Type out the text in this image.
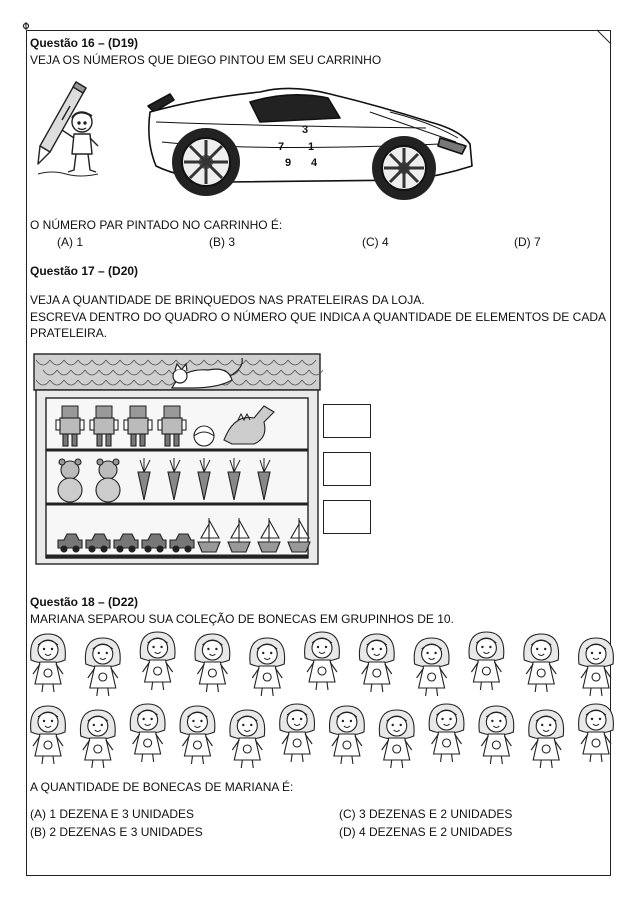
Questão 16 – (D19)
VEJA OS NÚMEROS QUE DIEGO PINTOU EM SEU CARRINHO
3
7 1
9 4
O NÚMERO PAR PINTADO NO CARRINHO É:
(A) 1	(B) 3	(C) 4	(D) 7
Questão 17 – (D20)
VEJA A QUANTIDADE DE BRINQUEDOS NAS PRATELEIRAS DA LOJA.
ESCREVA DENTRO DO QUADRO O NÚMERO QUE INDICA A QUANTIDADE DE ELEMENTOS DE CADA PRATELEIRA.
Questão 18 – (D22)
MARIANA SEPAROU SUA COLEÇÃO DE BONECAS EM GRUPINHOS DE 10.
A QUANTIDADE DE BONECAS DE MARIANA É:
(A) 1 DEZENA E 3 UNIDADES
(B) 2 DEZENAS E 3 UNIDADES
(C) 3 DEZENAS E 2 UNIDADES
(D) 4 DEZENAS E 2 UNIDADES
